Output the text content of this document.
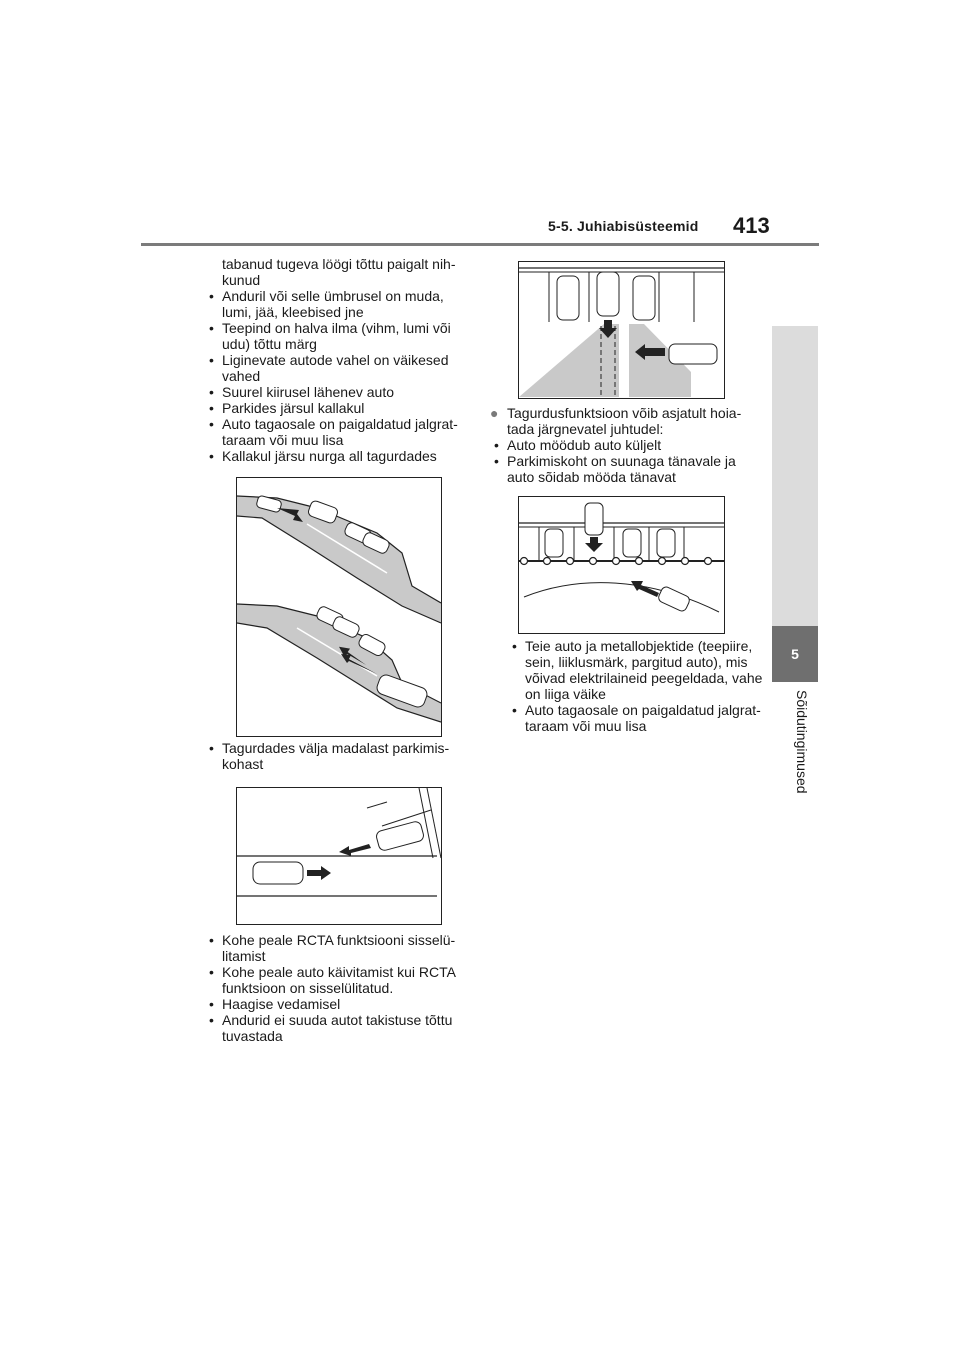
5-5. Juhiabisüsteemid 413
5
Sõidutingimused
tabanud tugeva löögi tõttu paigalt nih-kunud
• Anduril või selle ümbrusel on muda, lumi, jää, kleebised jne
• Teepind on halva ilma (vihm, lumi või udu) tõttu märg
• Liginevate autode vahel on väikesed vahed
• Suurel kiirusel lähenev auto
• Parkides järsul kallakul
• Auto tagaosale on paigaldatud jalgrat-taraam või muu lisa
• Kallakul järsu nurga all tagurdades
• Tagurdades välja madalast parkimis-kohast
• Kohe peale RCTA funktsiooni sisselü-litamist
• Kohe peale auto käivitamist kui RCTA funktsioon on sisselülitatud.
• Haagise vedamisel
• Andurid ei suuda autot takistuse tõttu tuvastada
● Tagurdusfunktsioon võib asjatult hoia-tada järgnevatel juhtudel:
• Auto möödub auto küljelt
• Parkimiskoht on suunaga tänavale ja auto sõidab mööda tänavat
• Teie auto ja metallobjektide (teepiire, sein, liiklusmärk, pargitud auto), mis võivad elektrilaineid peegeldada, vahe on liiga väike
• Auto tagaosale on paigaldatud jalgrat-taraam või muu lisa
